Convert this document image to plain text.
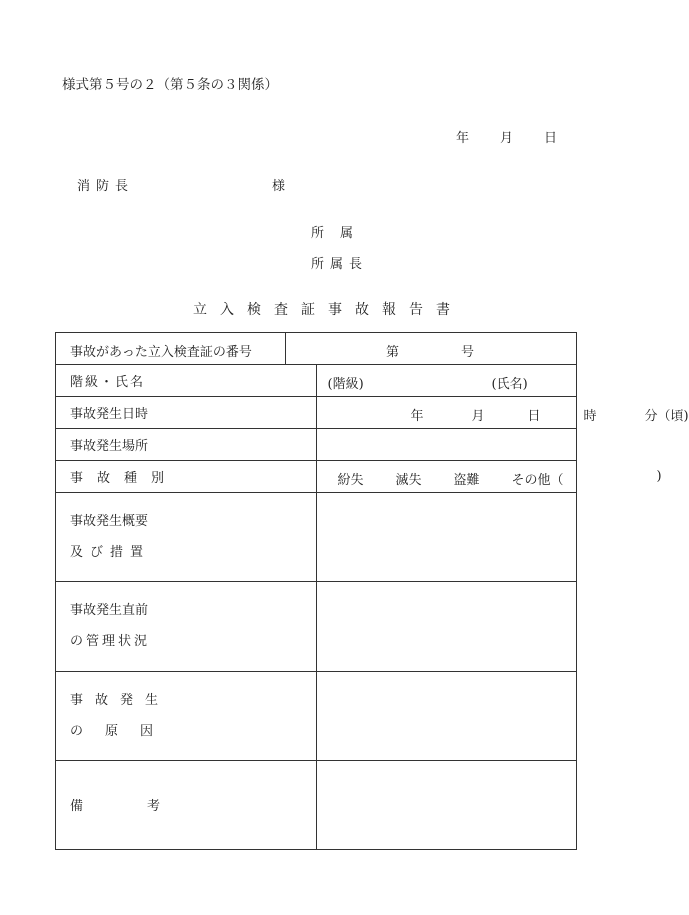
様式第５号の２（第５条の３関係）
年 月 日
消防長	様
所属
所属長
立入検査証事故報告書
事故があった立入検査証の番号 第 号	

階級・氏名	(階級) (氏名)

事故発生日時	年 月 日 時 分（頃)

事故発生場所	
事故種別	紛失 滅失 盗難 その他（ )

事故発生概要
及び措置	

事故発生直前
の管理状況	

事故発生
の原因	

備考	
